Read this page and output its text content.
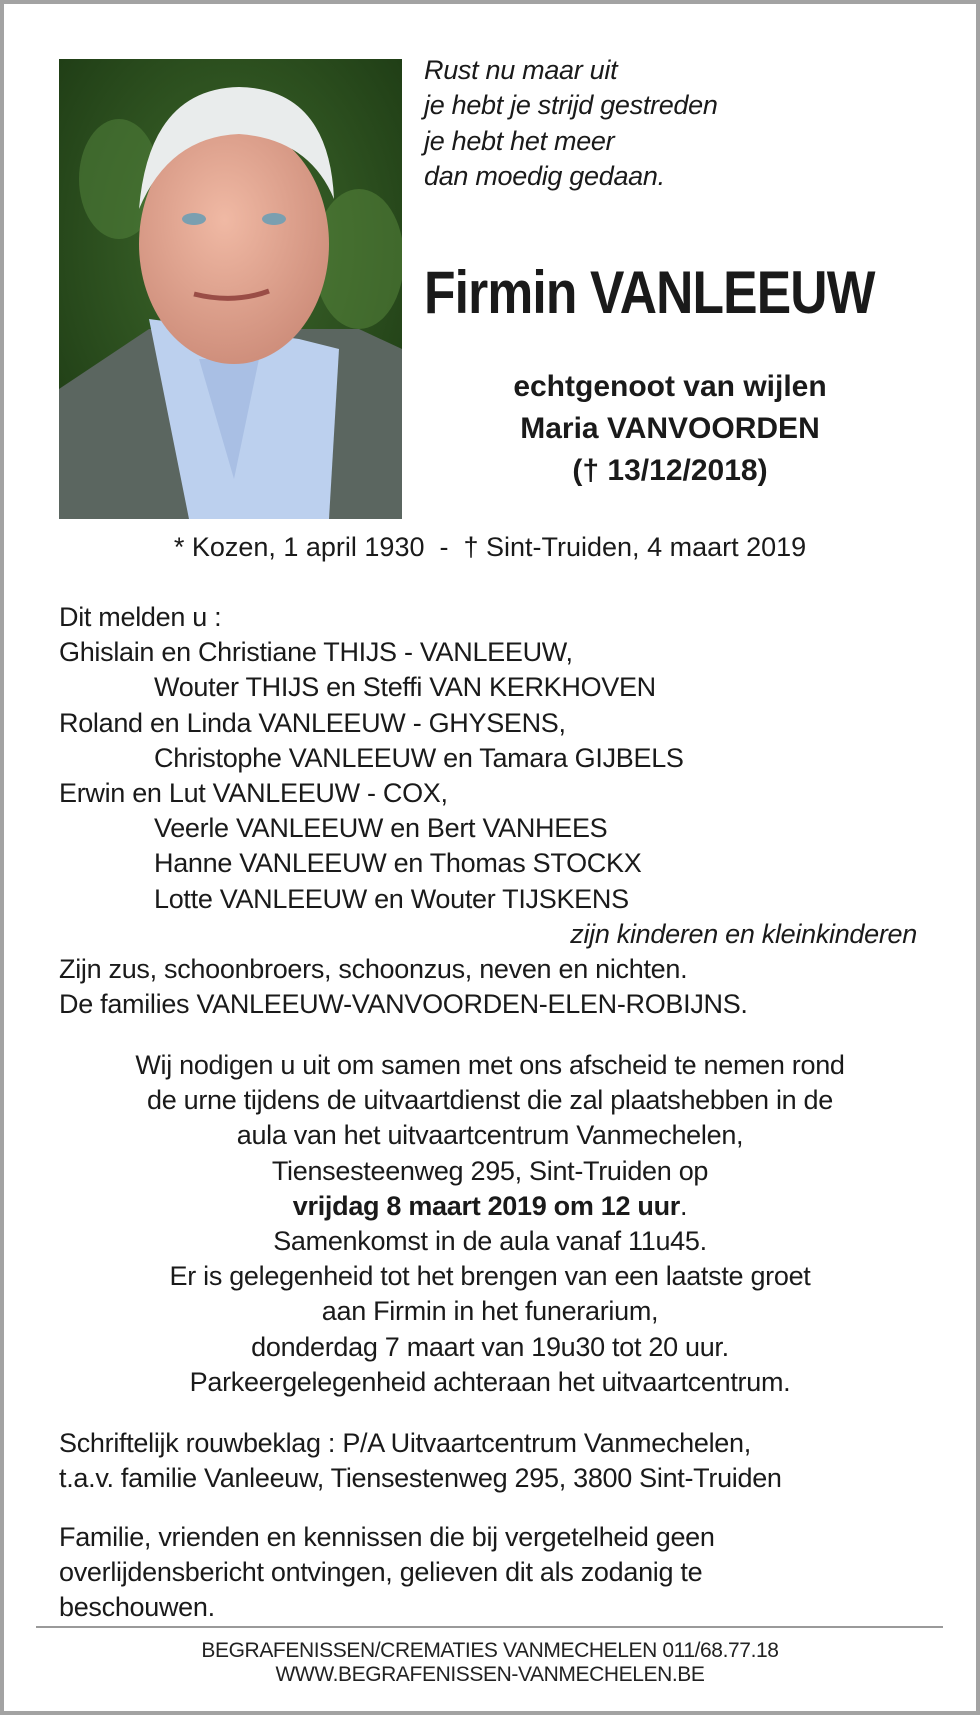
Rust nu maar uit
je hebt je strijd gestreden
je hebt het meer
dan moedig gedaan.
Firmin VANLEEUW
echtgenoot van wijlen
Maria VANVOORDEN
(† 13/12/2018)
* Kozen, 1 april 1930  -  † Sint-Truiden, 4 maart 2019
Dit melden u :
Ghislain en Christiane THIJS - VANLEEUW,
Wouter THIJS en Steffi VAN KERKHOVEN
Roland en Linda VANLEEUW - GHYSENS,
Christophe VANLEEUW en Tamara GIJBELS
Erwin en Lut VANLEEUW - COX,
Veerle VANLEEUW en Bert VANHEES
Hanne VANLEEUW en Thomas STOCKX
Lotte VANLEEUW en Wouter TIJSKENS
zijn kinderen en kleinkinderen
Zijn zus, schoonbroers, schoonzus, neven en nichten.
De families VANLEEUW-VANVOORDEN-ELEN-ROBIJNS.
Wij nodigen u uit om samen met ons afscheid te nemen rond
de urne tijdens de uitvaartdienst die zal plaatshebben in de
aula van het uitvaartcentrum Vanmechelen,
Tiensesteenweg 295, Sint-Truiden op
vrijdag 8 maart 2019 om 12 uur.
Samenkomst in de aula vanaf 11u45.
Er is gelegenheid tot het brengen van een laatste groet
aan Firmin in het funerarium,
donderdag 7 maart van 19u30 tot 20 uur.
Parkeergelegenheid achteraan het uitvaartcentrum.
Schriftelijk rouwbeklag : P/A Uitvaartcentrum Vanmechelen,
t.a.v. familie Vanleeuw, Tiensestenweg 295, 3800 Sint-Truiden
Familie, vrienden en kennissen die bij vergetelheid geen
overlijdensbericht ontvingen, gelieven dit als zodanig te
beschouwen.
BEGRAFENISSEN/CREMATIES VANMECHELEN 011/68.77.18
WWW.BEGRAFENISSEN-VANMECHELEN.BE
